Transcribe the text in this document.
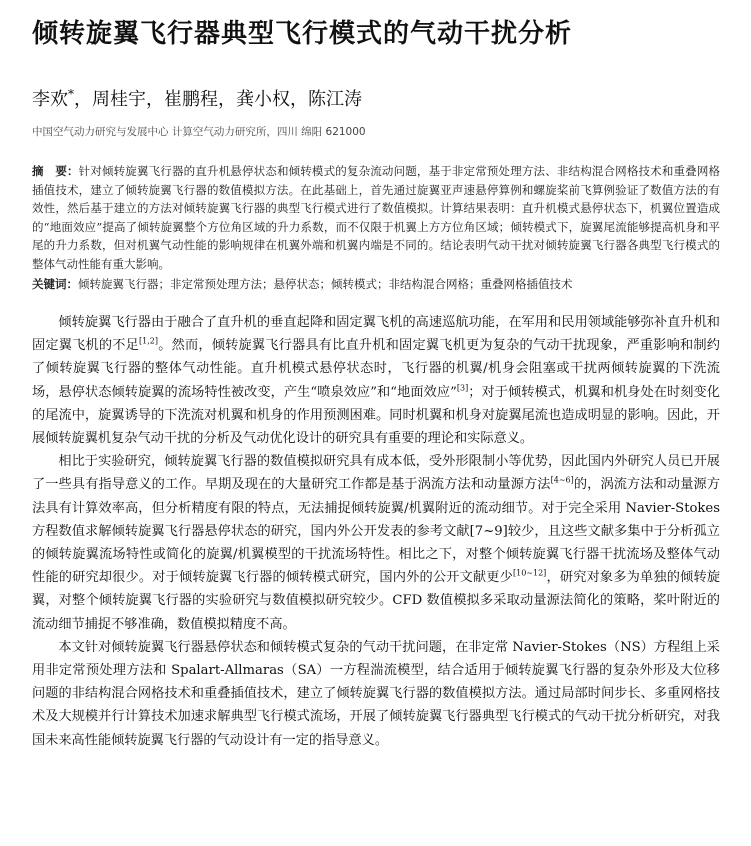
倾转旋翼飞行器典型飞行模式的气动干扰分析
李欢*，周桂宇，崔鹏程，龚小权，陈江涛
中国空气动力研究与发展中心 计算空气动力研究所，四川 绵阳 621000
摘　要：针对倾转旋翼飞行器的直升机悬停状态和倾转模式的复杂流动问题，基于非定常预处理方法、非结构混合网格技术和重叠网格插值技术，建立了倾转旋翼飞行器的数值模拟方法。在此基础上，首先通过旋翼亚声速悬停算例和螺旋桨前飞算例验证了数值方法的有效性，然后基于建立的方法对倾转旋翼飞行器的典型飞行模式进行了数值模拟。计算结果表明：直升机模式悬停状态下，机翼位置造成的“地面效应”提高了倾转旋翼整个方位角区域的升力系数，而不仅限于机翼上方方位角区域；倾转模式下，旋翼尾流能够提高机身和平尾的升力系数，但对机翼气动性能的影响规律在机翼外端和机翼内端是不同的。结论表明气动干扰对倾转旋翼飞行器各典型飞行模式的整体气动性能有重大影响。
关键词：倾转旋翼飞行器；非定常预处理方法；悬停状态；倾转模式；非结构混合网格；重叠网格插值技术

倾转旋翼飞行器由于融合了直升机的垂直起降和固定翼飞机的高速巡航功能，在军用和民用领域能够弥补直升机和固定翼飞机的不足[1,2]。然而，倾转旋翼飞行器具有比直升机和固定翼飞机更为复杂的气动干扰现象，严重影响和制约了倾转旋翼飞行器的整体气动性能。直升机模式悬停状态时，飞行器的机翼/机身会阻塞或干扰两倾转旋翼的下洗流场，悬停状态倾转旋翼的流场特性被改变，产生“喷泉效应”和“地面效应”[3]；对于倾转模式，机翼和机身处在时刻变化的尾流中，旋翼诱导的下洗流对机翼和机身的作用预测困难。同时机翼和机身对旋翼尾流也造成明显的影响。因此，开展倾转旋翼机复杂气动干扰的分析及气动优化设计的研究具有重要的理论和实际意义。

相比于实验研究，倾转旋翼飞行器的数值模拟研究具有成本低，受外形限制小等优势，因此国内外研究人员已开展了一些具有指导意义的工作。早期及现在的大量研究工作都是基于涡流方法和动量源方法[4~6]的，涡流方法和动量源方法具有计算效率高，但分析精度有限的特点，无法捕捉倾转旋翼/机翼附近的流动细节。对于完全采用 Navier-Stokes 方程数值求解倾转旋翼飞行器悬停状态的研究，国内外公开发表的参考文献[7~9]较少，且这些文献多集中于分析孤立的倾转旋翼流场特性或简化的旋翼/机翼模型的干扰流场特性。相比之下，对整个倾转旋翼飞行器干扰流场及整体气动性能的研究却很少。对于倾转旋翼飞行器的倾转模式研究，国内外的公开文献更少[10~12]，研究对象多为单独的倾转旋翼，对整个倾转旋翼飞行器的实验研究与数值模拟研究较少。CFD 数值模拟多采取动量源法简化的策略，桨叶附近的流动细节捕捉不够准确，数值模拟精度不高。

本文针对倾转旋翼飞行器悬停状态和倾转模式复杂的气动干扰问题，在非定常 Navier-Stokes（NS）方程组上采用非定常预处理方法和 Spalart-Allmaras（SA）一方程湍流模型，结合适用于倾转旋翼飞行器的复杂外形及大位移问题的非结构混合网格技术和重叠插值技术，建立了倾转旋翼飞行器的数值模拟方法。通过局部时间步长、多重网格技术及大规模并行计算技术加速求解典型飞行模式流场，开展了倾转旋翼飞行器典型飞行模式的气动干扰分析研究，对我国未来高性能倾转旋翼飞行器的气动设计有一定的指导意义。
